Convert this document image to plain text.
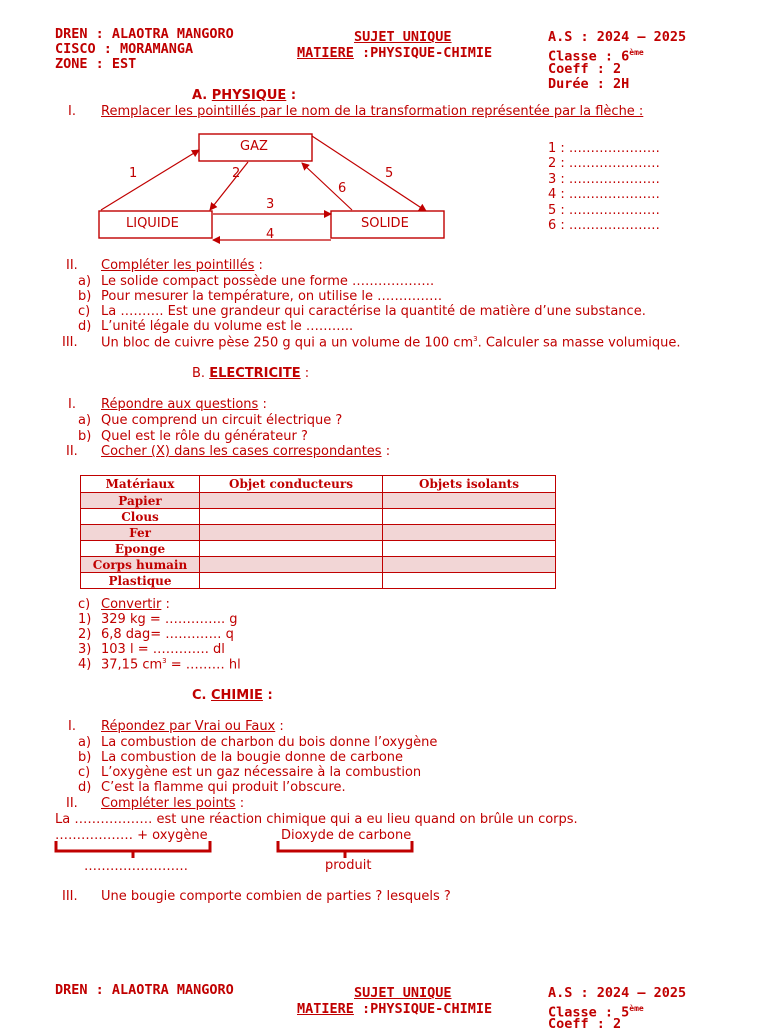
DREN : ALAOTRA MANGORO
CISCO : MORAMANGA
ZONE : EST
SUJET UNIQUE
MATIERE :PHYSIQUE-CHIMIE
A.S : 2024 – 2025
Classe : 6ème
Coeff : 2
Durée : 2H
A. PHYSIQUE :
I. Remplacer les pointillés par le nom de la transformation représentée par la flèche :
GAZ
LIQUIDE	SOLIDE
1	2
3
4
5
6
1 : …………………
2 : …………………
3 : …………………
4 : …………………
5 : …………………
6 : …………………
II. Compléter les pointillés :
a) Le solide compact possède une forme ……………….
b) Pour mesurer la température, on utilise le ……………
c) La ………. Est une grandeur qui caractérise la quantité de matière d’une substance.
d) L’unité légale du volume est le ………..
III. Un bloc de cuivre pèse 250 g qui a un volume de 100 $cm^3$. Calculer sa masse volumique.
B. ELECTRICITE :
I. Répondre aux questions :
a) Que comprend un circuit électrique ?
b) Quel est le rôle du générateur ?
II. Cocher (X) dans les cases correspondantes :
Matériaux	Objet conducteurs	Objets isolants
Papier		
Clous		
Fer		
Eponge		
Corps humain		
Plastique		
c) Convertir :
1) 329 kg = ………….. g
2) 6,8 dag= …………. q
3) 103 l = …………. dl
4) 37,15 $cm^3$ = ……… hl
C. CHIMIE :
I. Répondez par Vrai ou Faux :
a) La combustion de charbon du bois donne l’oxygène
b) La combustion de la bougie donne de carbone
c) L’oxygène est un gaz nécessaire à la combustion
d) C’est la flamme qui produit l’obscure.
II. Compléter les points :
La ……………… est une réaction chimique qui a eu lieu quand on brûle un corps.
……………… + oxygène	Dioxyde de carbone
……………………	produit
III. Une bougie comporte combien de parties ? lesquels ?
DREN : ALAOTRA MANGORO	SUJET UNIQUE
MATIERE :PHYSIQUE-CHIMIE
A.S : 2024 – 2025
Classe : 5ème
Coeff : 2
